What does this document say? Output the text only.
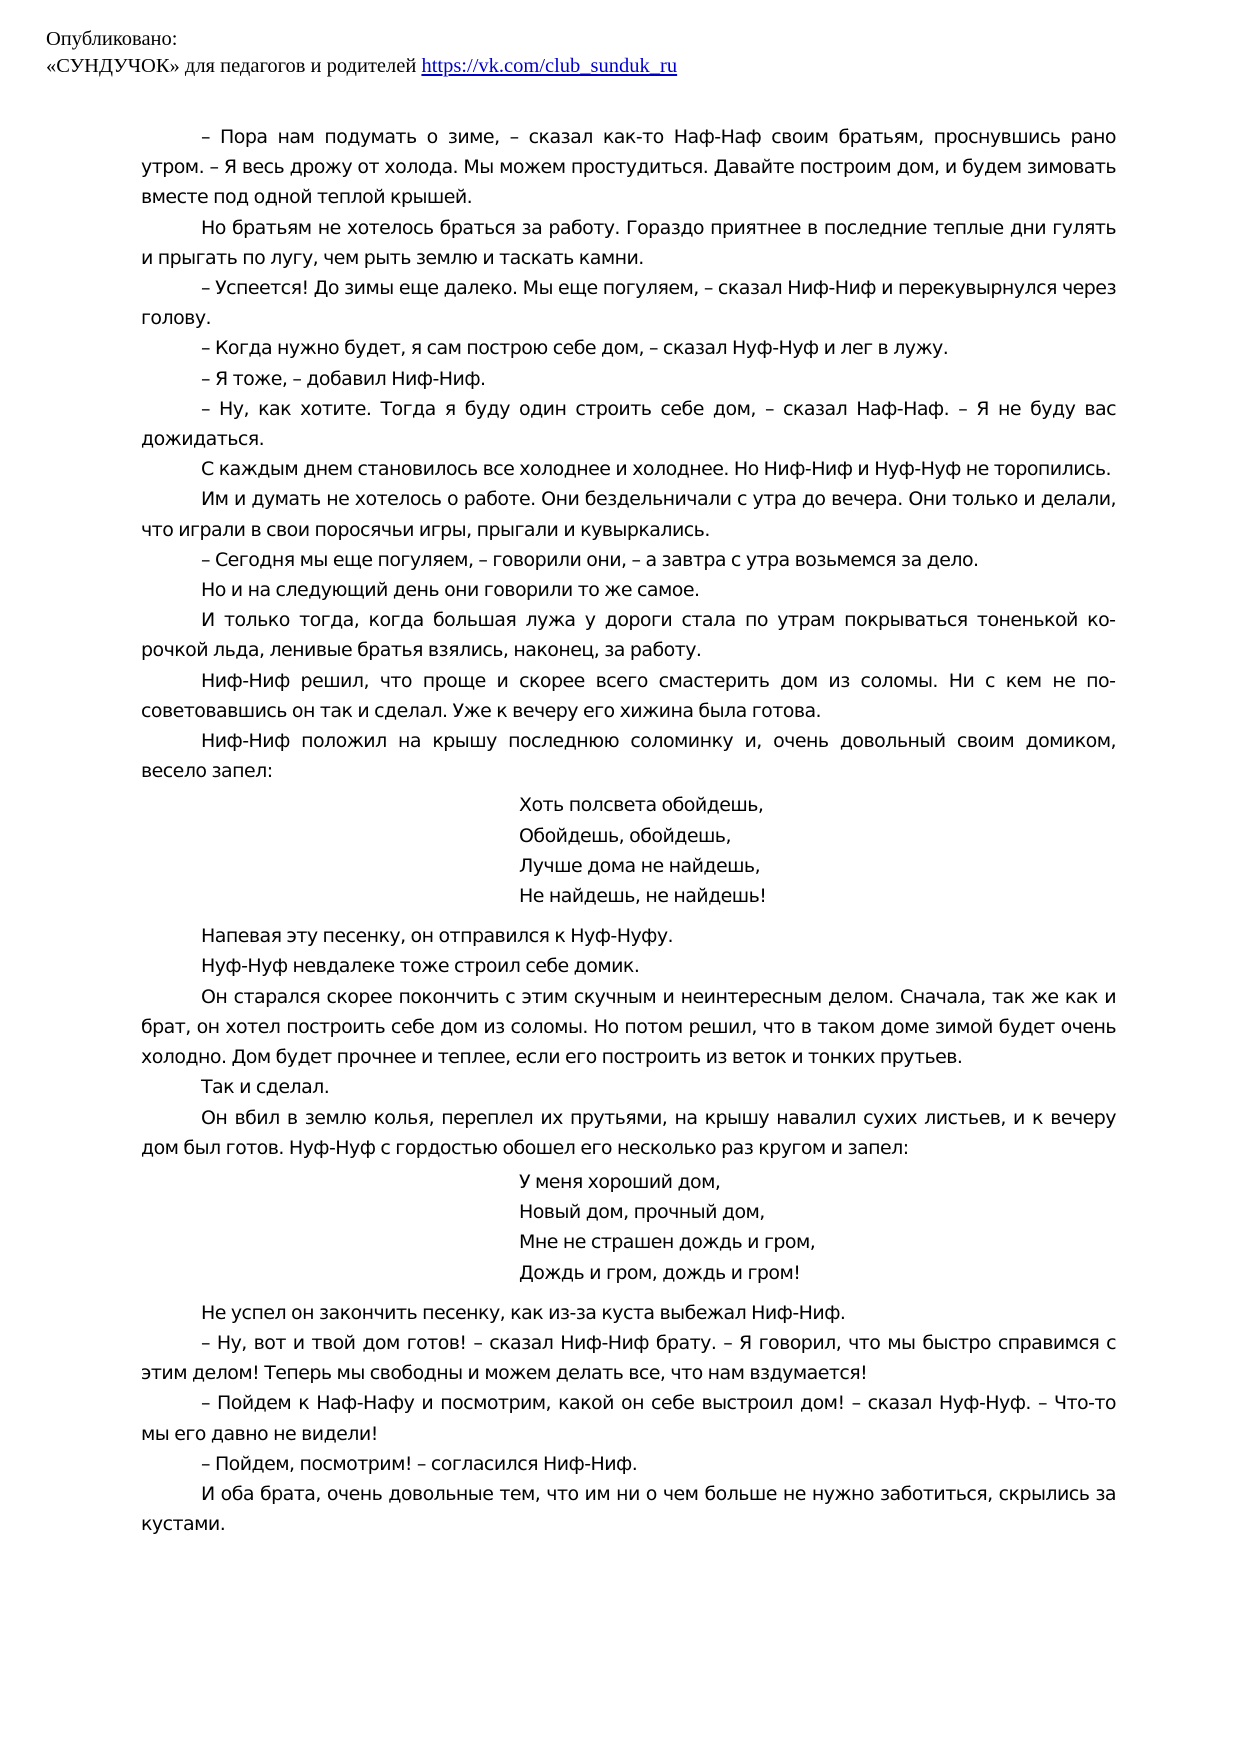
Опубликовано:
«СУНДУЧОК» для педагогов и родителей https://vk.com/club_sunduk_ru

– Пора нам подумать о зиме, – сказал как-то Наф-Наф своим братьям, проснувшись рано утром. – Я весь дрожу от холода. Мы можем простудиться. Давайте построим дом, и будем зимовать вместе под одной теплой крышей.

Но братьям не хотелось браться за работу. Гораздо приятнее в последние теплые дни гулять и прыгать по лугу, чем рыть землю и таскать камни.

– Успеется! До зимы еще далеко. Мы еще погуляем, – сказал Ниф-Ниф и перекувырнулся через голову.

– Когда нужно будет, я сам построю себе дом, – сказал Нуф-Нуф и лег в лужу.

– Я тоже, – добавил Ниф-Ниф.

– Ну, как хотите. Тогда я буду один строить себе дом, – сказал Наф-Наф. – Я не буду вас дожидаться.

С каждым днем становилось все холоднее и холоднее. Но Ниф-Ниф и Нуф-Нуф не торопились.

Им и думать не хотелось о работе. Они бездельничали с утра до вечера. Они только и делали, что играли в свои поросячьи игры, прыгали и кувыркались.

– Сегодня мы еще погуляем, – говорили они, – а завтра с утра возьмемся за дело.

Но и на следующий день они говорили то же самое.

И только тогда, когда большая лужа у дороги стала по утрам покрываться тоненькой корочкой льда, ленивые братья взялись, наконец, за работу.

Ниф-Ниф решил, что проще и скорее всего смастерить дом из соломы. Ни с кем не посоветовавшись он так и сделал. Уже к вечеру его хижина была готова.

Ниф-Ниф положил на крышу последнюю соломинку и, очень довольный своим домиком, весело запел:

Хоть полсвета обойдешь,
Обойдешь, обойдешь,
Лучше дома не найдешь,
Не найдешь, не найдешь!

Напевая эту песенку, он отправился к Нуф-Нуфу.

Нуф-Нуф невдалеке тоже строил себе домик.

Он старался скорее покончить с этим скучным и неинтересным делом. Сначала, так же как и брат, он хотел построить себе дом из соломы. Но потом решил, что в таком доме зимой будет очень холодно. Дом будет прочнее и теплее, если его построить из веток и тонких прутьев.

Так и сделал.

Он вбил в землю колья, переплел их прутьями, на крышу навалил сухих листьев, и к вечеру дом был готов. Нуф-Нуф с гордостью обошел его несколько раз кругом и запел:

У меня хороший дом,
Новый дом, прочный дом,
Мне не страшен дождь и гром,
Дождь и гром, дождь и гром!

Не успел он закончить песенку, как из-за куста выбежал Ниф-Ниф.

– Ну, вот и твой дом готов! – сказал Ниф-Ниф брату. – Я говорил, что мы быстро справимся с этим делом! Теперь мы свободны и можем делать все, что нам вздумается!

– Пойдем к Наф-Нафу и посмотрим, какой он себе выстроил дом! – сказал Нуф-Нуф. – Что-то мы его давно не видели!

– Пойдем, посмотрим! – согласился Ниф-Ниф.

И оба брата, очень довольные тем, что им ни о чем больше не нужно заботиться, скрылись за кустами.
